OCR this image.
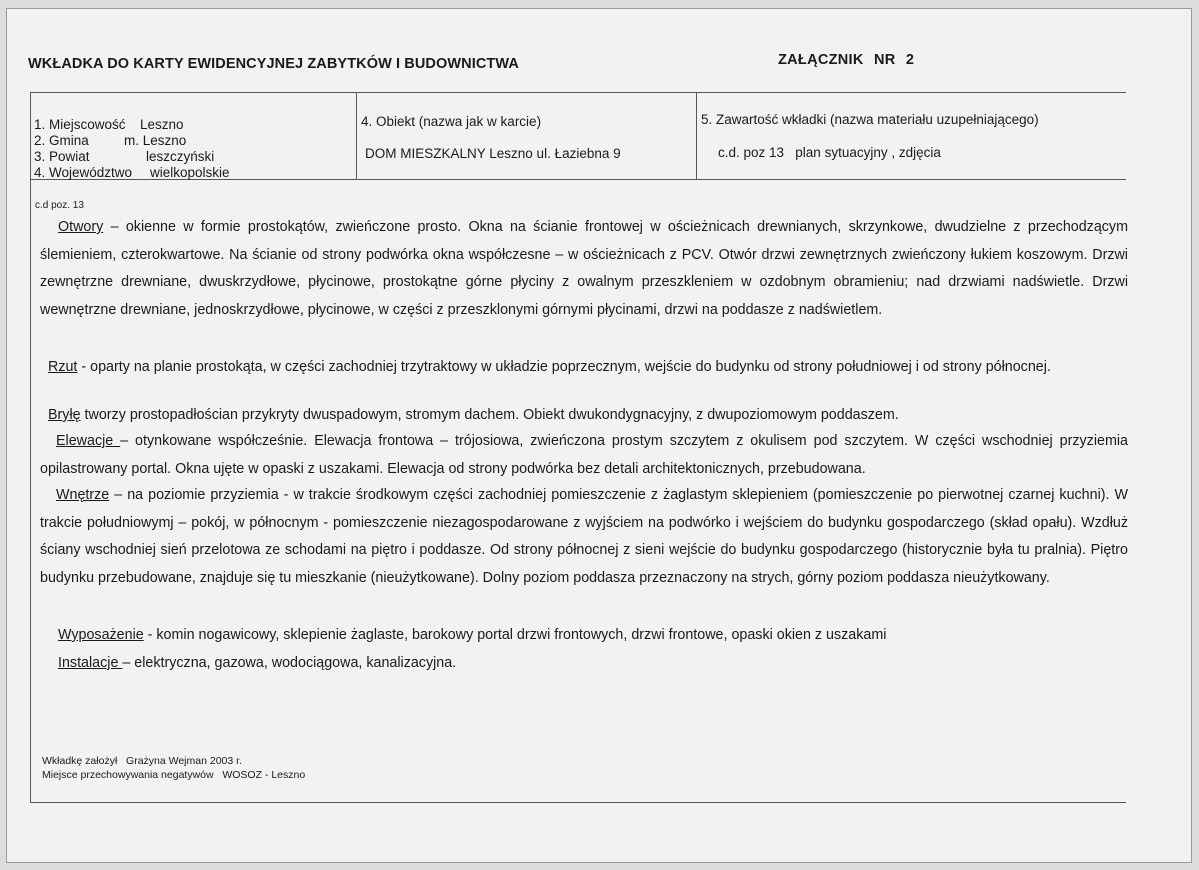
WKŁADKA DO KARTY EWIDENCYJNEJ ZABYTKÓW I BUDOWNICTWA	ZAŁĄCZNIK NR 2
1. Miejscowość	Leszno
2. Gmina	m. Leszno
3. Powiat	leszczyński
4. Województwo	wielkopolskie
4. Obiekt (nazwa jak w karcie)
DOM MIESZKALNY Leszno ul. Łaziebna 9
5. Zawartość wkładki (nazwa materiału uzupełniającego)
c.d. poz 13   plan sytuacyjny , zdjęcia
c.d poz. 13
Otwory – okienne w formie prostokątów, zwieńczone prosto. Okna na ścianie frontowej w ościeżnicach drewnianych, skrzynkowe, dwudzielne z przechodzącym ślemieniem, czterokwartowe. Na ścianie od strony podwórka okna współczesne – w ościeżnicach z PCV. Otwór drzwi zewnętrznych zwieńczony łukiem koszowym. Drzwi zewnętrzne drewniane, dwuskrzydłowe, płycinowe, prostokątne górne płyciny z owalnym przeszkleniem w ozdobnym obramieniu; nad drzwiami nadświetle. Drzwi wewnętrzne drewniane, jednoskrzydłowe, płycinowe, w części z przeszklonymi górnymi płycinami, drzwi na poddasze z nadświetlem.
Rzut - oparty na planie prostokąta, w części zachodniej trzytraktowy w układzie poprzecznym, wejście do budynku od strony południowej i od strony północnej.
Bryłę tworzy prostopadłościan przykryty dwuspadowym, stromym dachem. Obiekt dwukondygnacyjny, z dwupoziomowym poddaszem.
Elewacje – otynkowane współcześnie. Elewacja frontowa – trójosiowa, zwieńczona prostym szczytem z okulisem pod szczytem. W części wschodniej przyziemia opilastrowany portal. Okna ujęte w opaski z uszakami. Elewacja od strony podwórka bez detali architektonicznych, przebudowana.
Wnętrze – na poziomie przyziemia - w trakcie środkowym części zachodniej pomieszczenie z żaglastym sklepieniem (pomieszczenie po pierwotnej czarnej kuchni). W trakcie południowymj – pokój, w północnym - pomieszczenie niezagospodarowane z wyjściem na podwórko i wejściem do budynku gospodarczego (skład opału). Wzdłuż ściany wschodniej sień przelotowa ze schodami na piętro i poddasze. Od strony północnej z sieni wejście do budynku gospodarczego (historycznie była tu pralnia). Piętro budynku przebudowane, znajduje się tu mieszkanie (nieużytkowane). Dolny poziom poddasza przeznaczony na strych, górny poziom poddasza nieużytkowany.
Wyposażenie - komin nogawicowy, sklepienie żaglaste, barokowy portal drzwi frontowych, drzwi frontowe, opaski okien z uszakami
Instalacje – elektryczna, gazowa, wodociągowa, kanalizacyjna.
Wkładkę założył   Grażyna Wejman 2003 r.
Miejsce przechowywania negatywów   WOSOZ - Leszno
